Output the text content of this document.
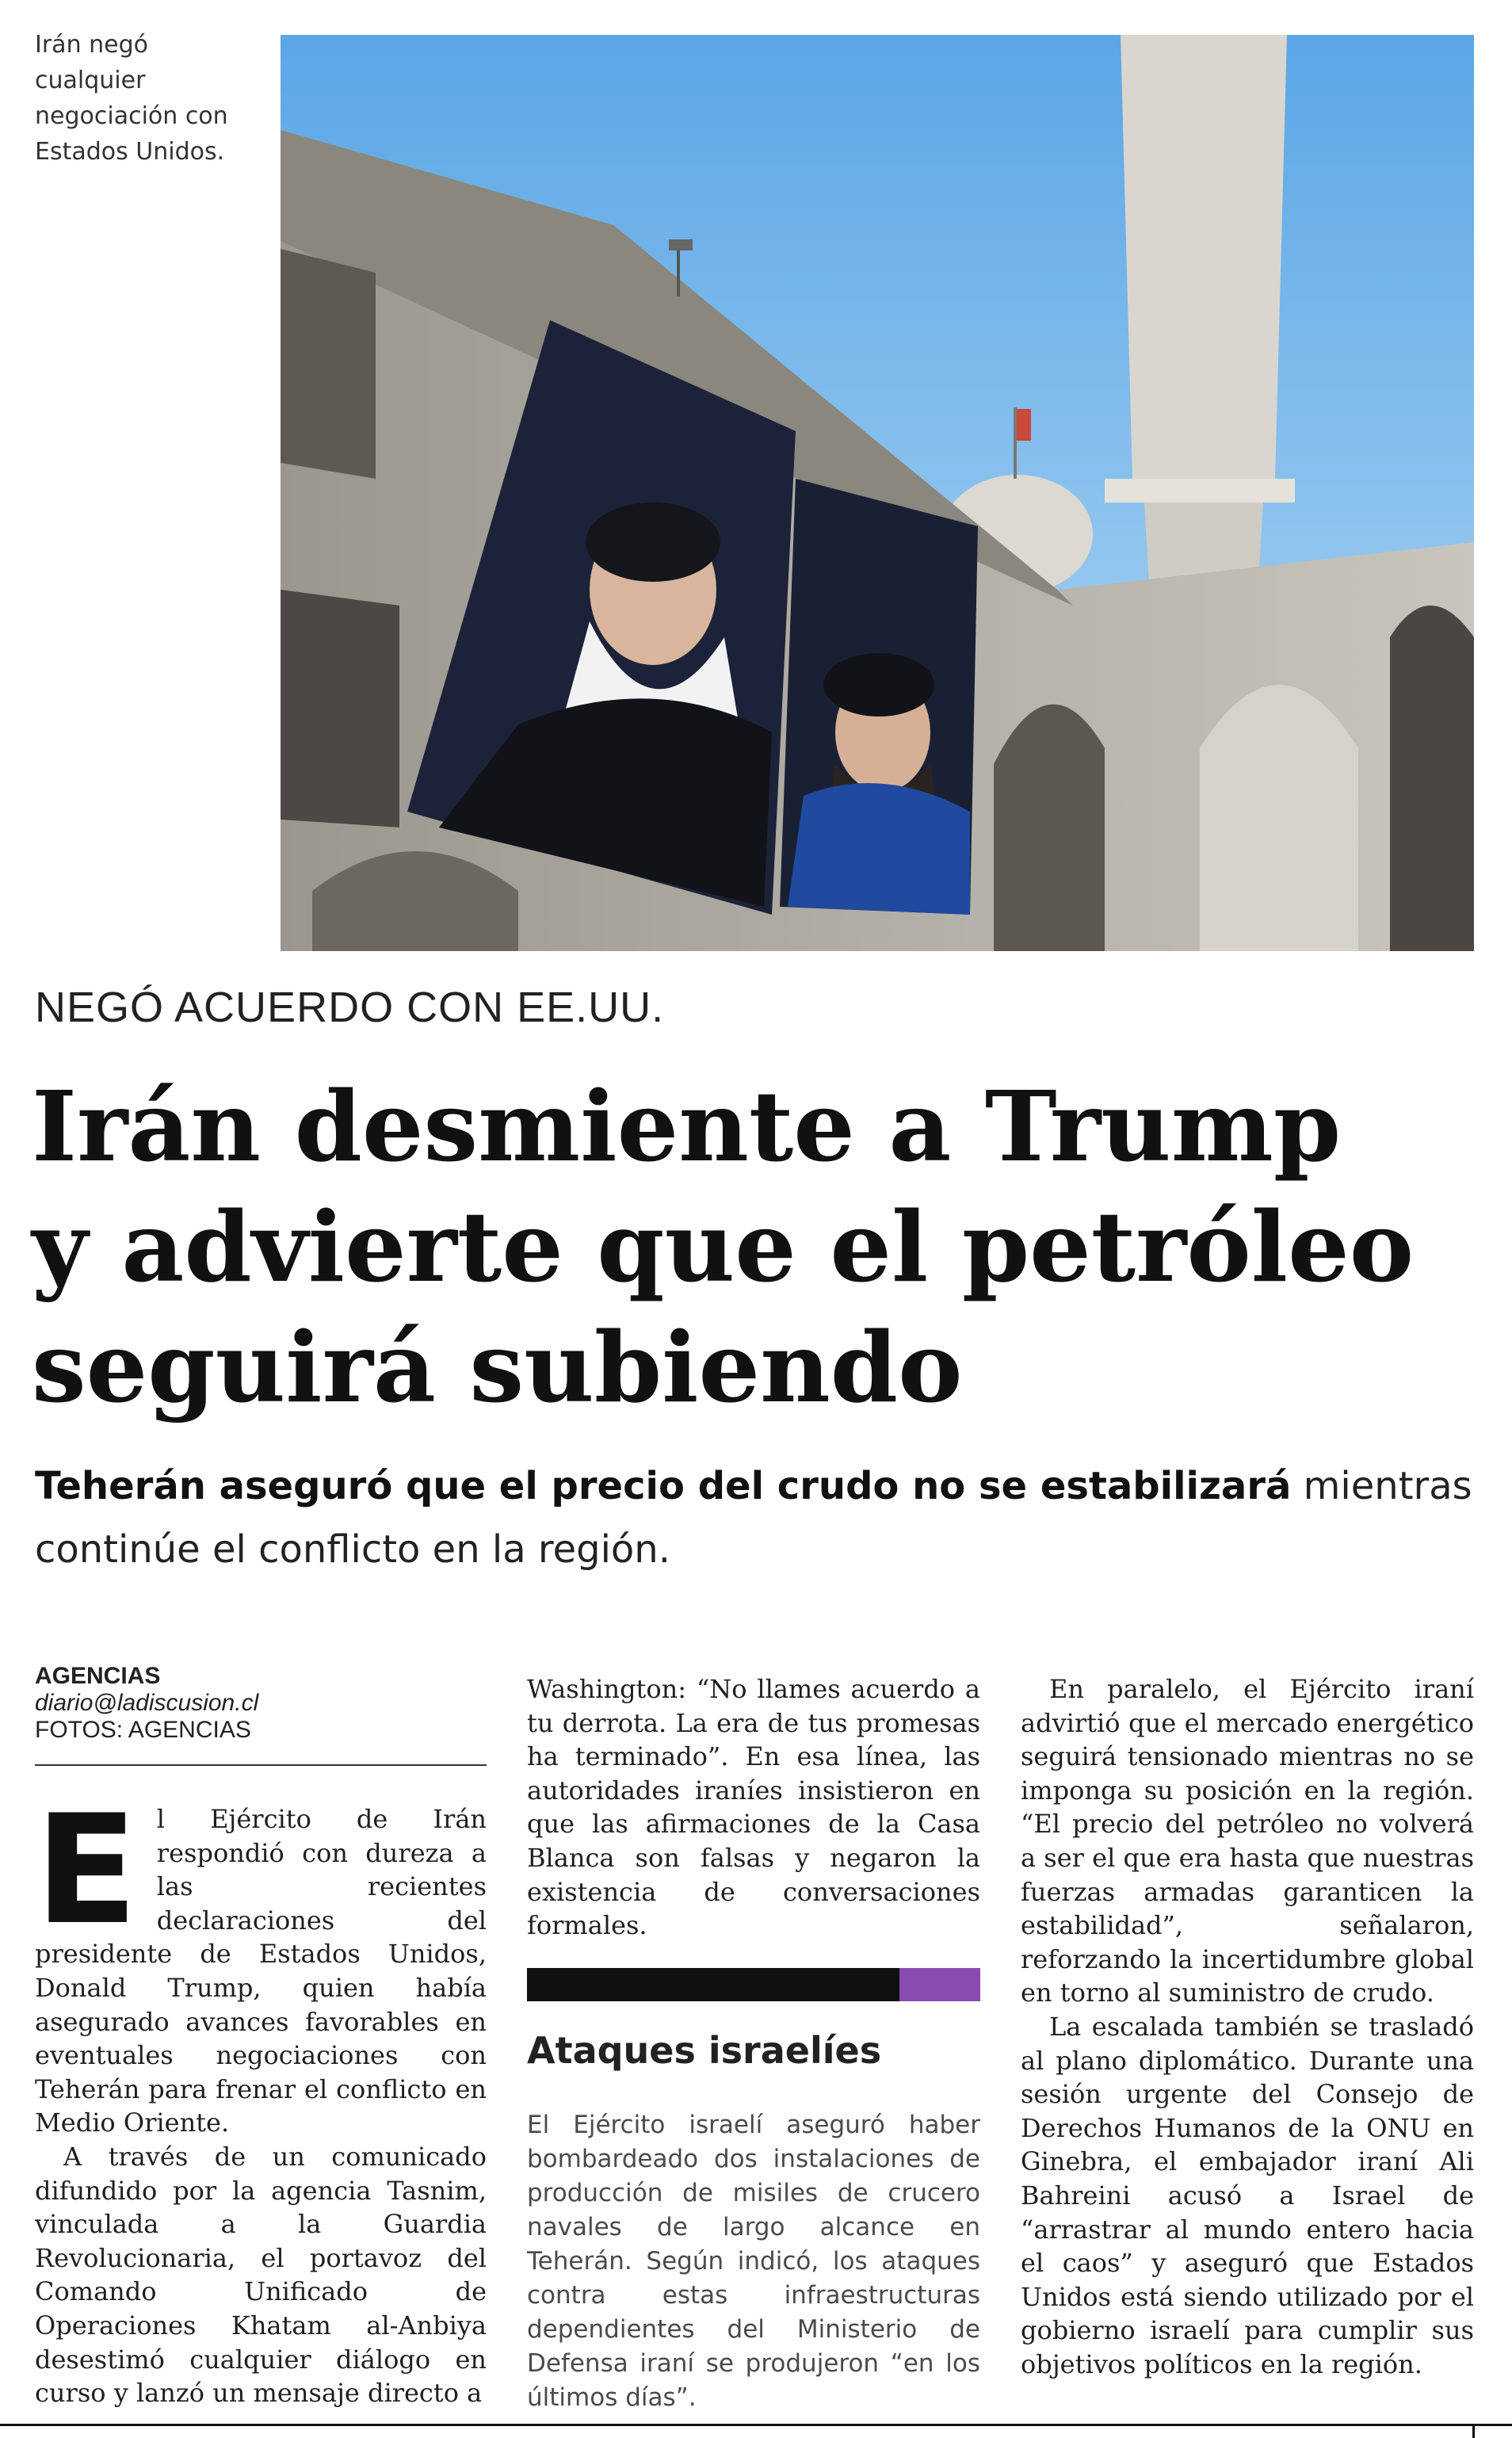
Irán negó cualquier negociación con Estados Unidos.
NEGÓ ACUERDO CON EE.UU.
Irán desmiente a Trump
y advierte que el petróleo
seguirá subiendo
Teherán aseguró que el precio del crudo no se estabilizará mientras continúe el conflicto en la región.
AGENCIAS
diario@ladiscusion.cl
FOTOS: AGENCIAS
E l Ejército de Irán respondió con dureza a las recientes declaraciones del presidente de Estados Unidos, Donald Trump, quien había asegurado avances favorables en eventuales negociaciones con Teherán para frenar el conflicto en Medio Oriente.

A través de un comunicado difundido por la agencia Tasnim, vinculada a la Guardia Revolucionaria, el portavoz del Comando Unificado de Operaciones Khatam al-Anbiya desestimó cualquier diálogo en curso y lanzó un mensaje directo a

Washington: “No llames acuerdo a tu derrota. La era de tus promesas ha terminado”. En esa línea, las autoridades iraníes insistieron en que las afirmaciones de la Casa Blanca son falsas y negaron la existencia de conversaciones formales.

Ataques israelíes
El Ejército israelí aseguró haber bombardeado dos instalaciones de producción de misiles de crucero navales de largo alcance en Teherán. Según indicó, los ataques contra estas infraestructuras dependientes del Ministerio de Defensa iraní se produjeron “en los últimos días”.

En paralelo, el Ejército iraní advirtió que el mercado energético seguirá tensionado mientras no se imponga su posición en la región. “El precio del petróleo no volverá a ser el que era hasta que nuestras fuerzas armadas garanticen la estabilidad”, señalaron, reforzando la incertidumbre global en torno al suministro de crudo.

La escalada también se trasladó al plano diplomático. Durante una sesión urgente del Consejo de Derechos Humanos de la ONU en Ginebra, el embajador iraní Ali Bahreini acusó a Israel de “arrastrar al mundo entero hacia el caos” y aseguró que Estados Unidos está siendo utilizado por el gobierno israelí para cumplir sus objetivos políticos en la región.
